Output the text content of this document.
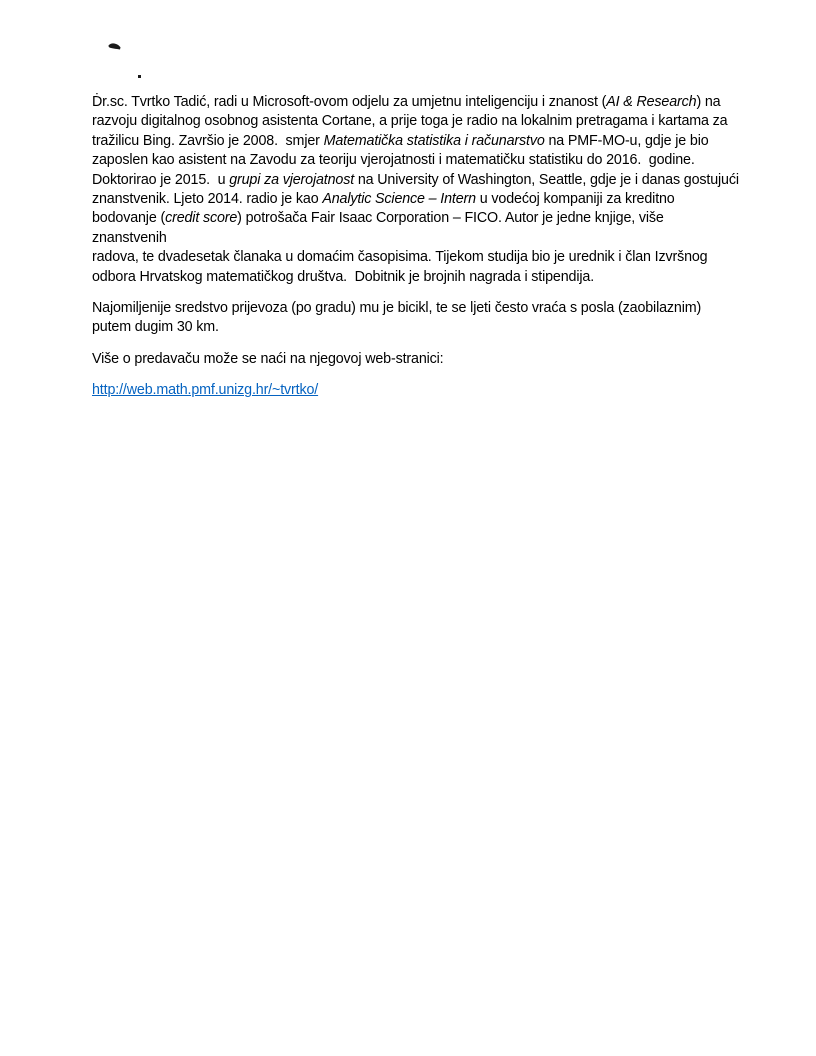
Ḋr.sc. Tvrtko Tadić, radi u Microsoft-ovom odjelu za umjetnu inteligenciju i znanost (AI & Research) na
razvoju digitalnog osobnog asistenta Cortane, a prije toga je radio na lokalnim pretragama i kartama za
tražilicu Bing. Završio je 2008.  smjer Matematička statistika i računarstvo na PMF-MO-u, gdje je bio
zaposlen kao asistent na Zavodu za teoriju vjerojatnosti i matematičku statistiku do 2016.  godine.
Doktorirao je 2015.  u grupi za vjerojatnost na University of Washington, Seattle, gdje je i danas gostujući
znanstvenik. Ljeto 2014. radio je kao Analytic Science – Intern u vodećoj kompaniji za kreditno
bodovanje (credit score) potrošača Fair Isaac Corporation – FICO. Autor je jedne knjige, više znanstvenih
radova, te dvadesetak članaka u domaćim časopisima. Tijekom studija bio je urednik i član Izvršnog
odbora Hrvatskog matematičkog društva.  Dobitnik je brojnih nagrada i stipendija.

Najomiljenije sredstvo prijevoza (po gradu) mu je bicikl, te se ljeti često vraća s posla (zaobilaznim)
putem dugim 30 km.

Više o predavaču može se naći na njegovoj web-stranici:

http://web.math.pmf.unizg.hr/~tvrtko/
